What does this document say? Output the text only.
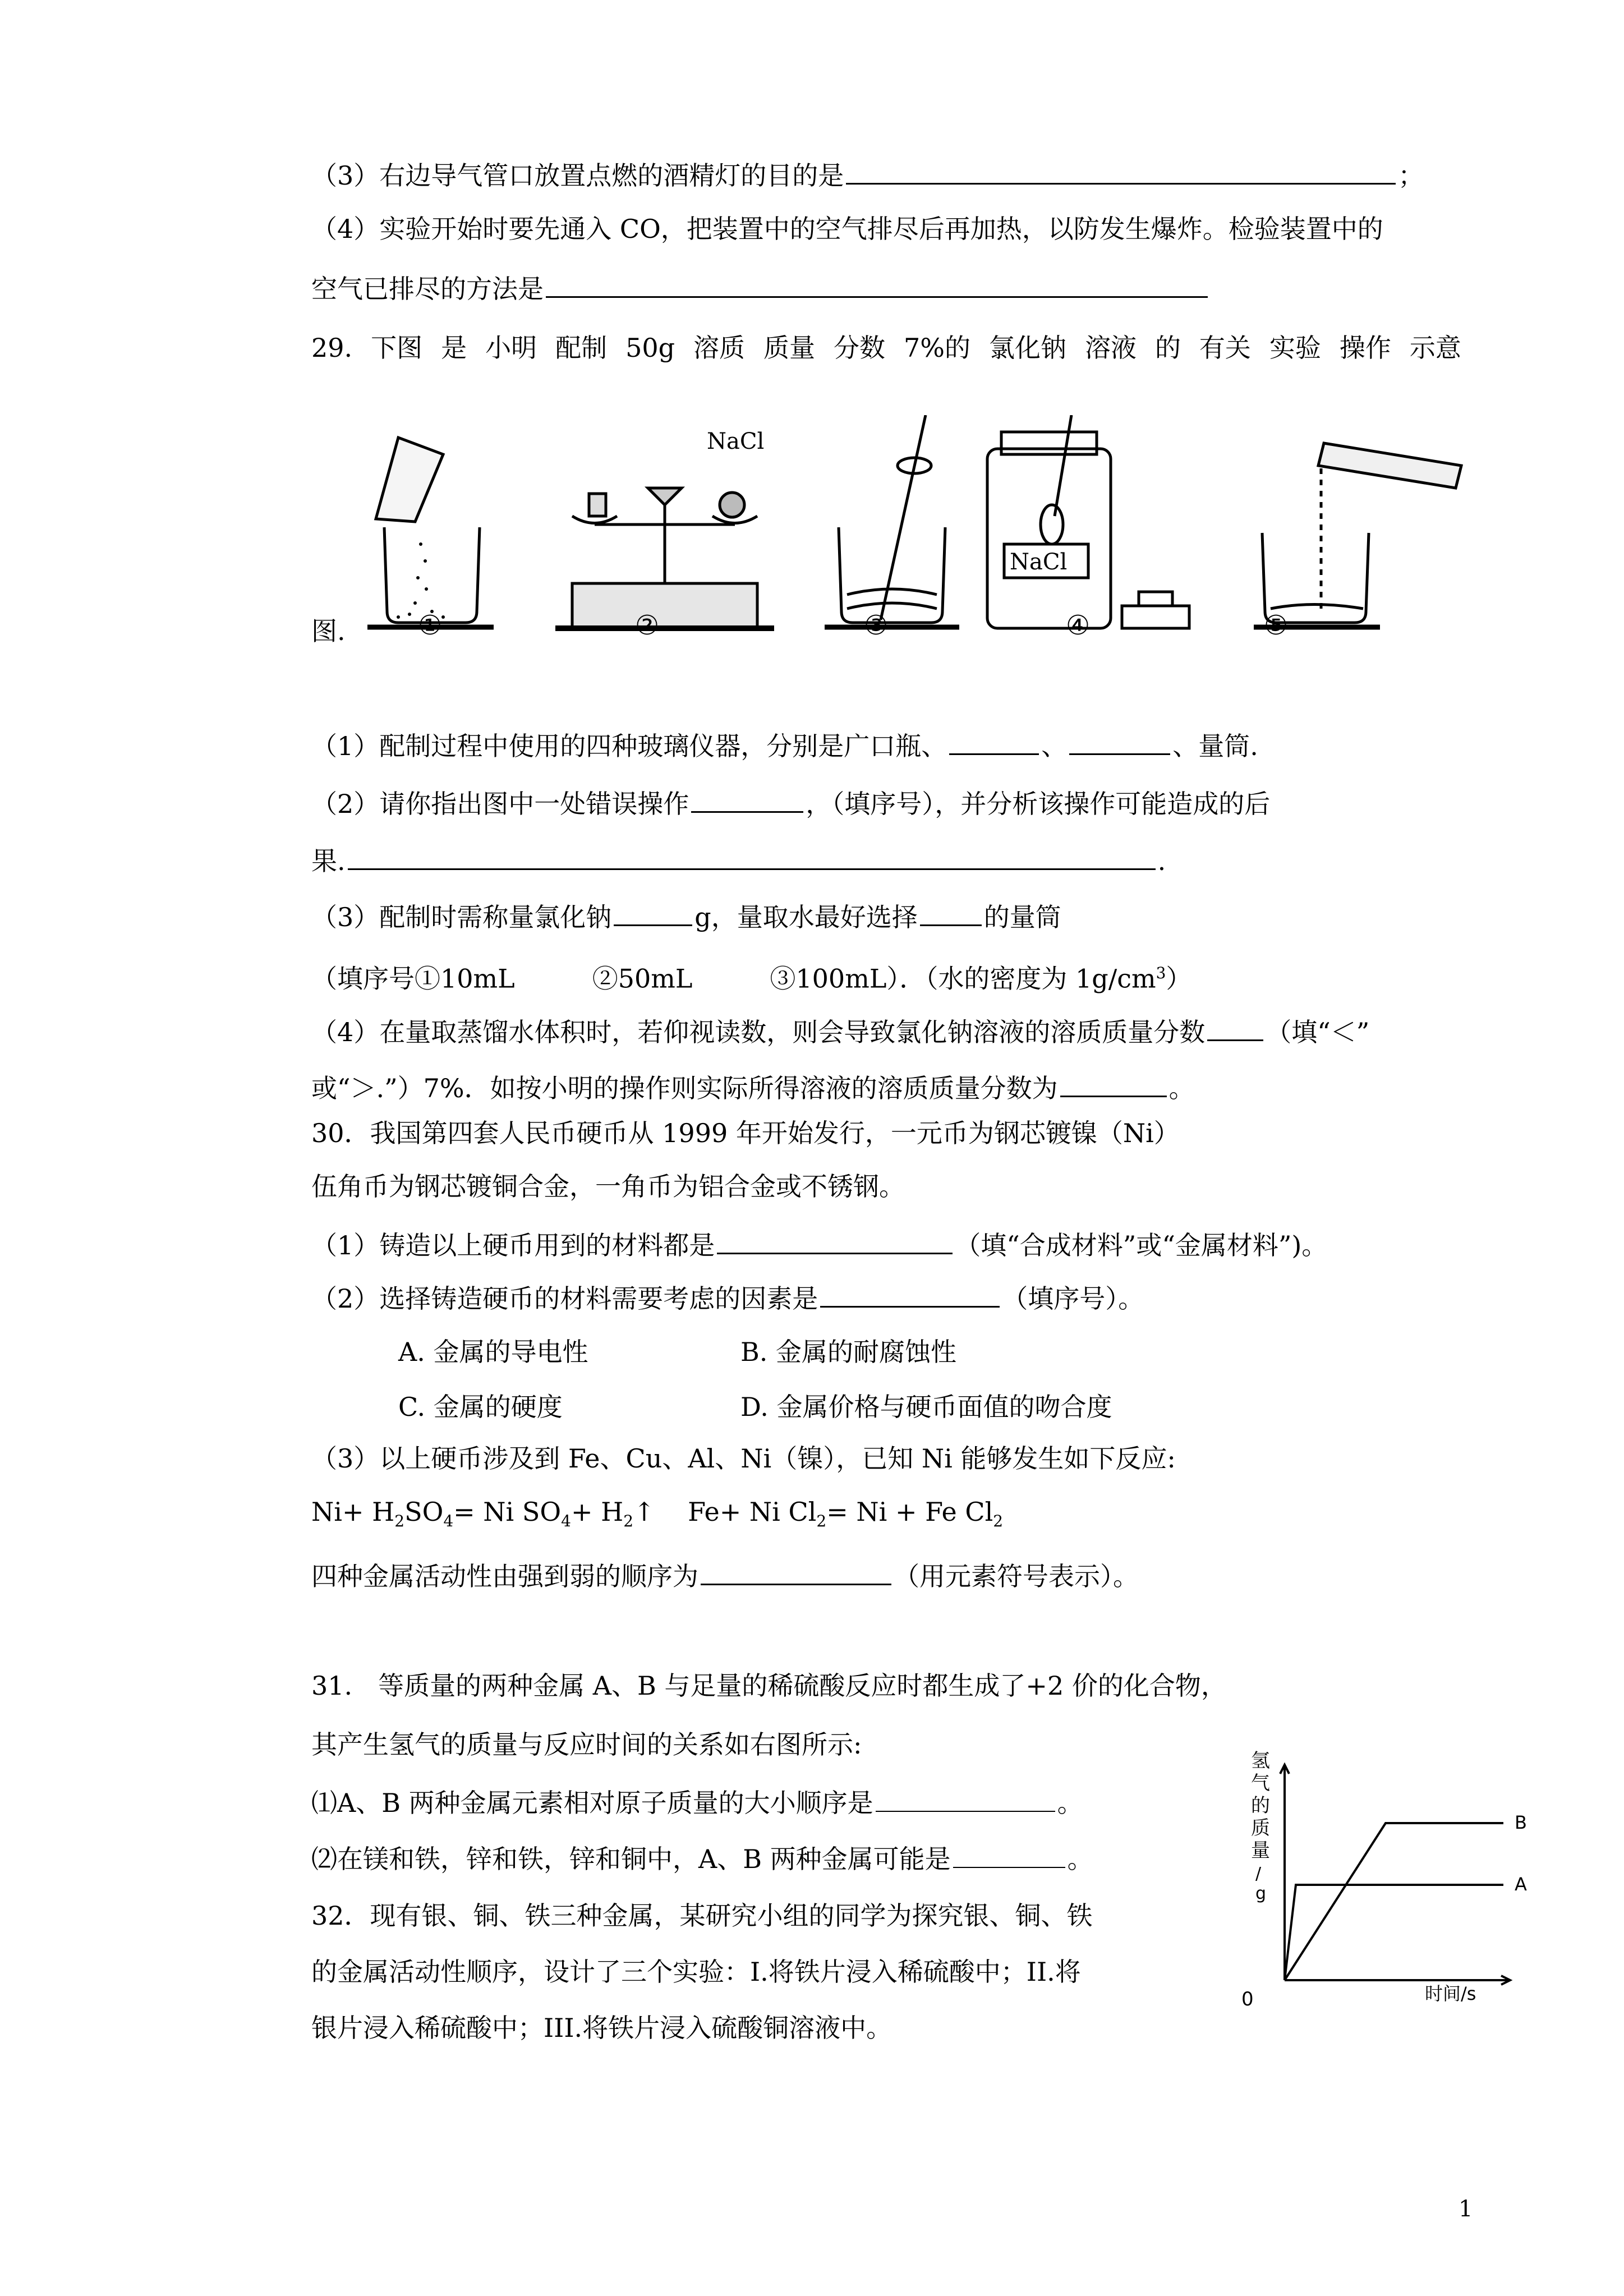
（3）右边导气管口放置点燃的酒精灯的目的是	；
（4）实验开始时要先通入 CO，把装置中的空气排尽后再加热，以防发生爆炸。检验装置中的
空气已排尽的方法是
29. 下图 是 小明 配制 50g 溶质 质量 分数 7%的 氯化钠 溶液 的 有关 实验 操作 示意
图.
NaCl
NaCl
①	②	③	④	⑤
（1）配制过程中使用的四种玻璃仪器，分别是广口瓶、	、	、量筒.
（2）请你指出图中一处错误操作	，（填序号），并分析该操作可能造成的后
果.	.
（3）配制时需称量氯化钠	g，量取水最好选择	的量筒
（填序号①10mL　　　②50mL　　　③100mL）．（水的密度为 $1g/cm^3$）
（4）在量取蒸馏水体积时，若仰视读数，则会导致氯化钠溶液的溶质质量分数 （填“＜”
或“＞.”）7%．如按小明的操作则实际所得溶液的溶质质量分数为	。
30．我国第四套人民币硬币从 1999 年开始发行，一元币为钢芯镀镍（Ni）
伍角币为钢芯镀铜合金，一角币为铝合金或不锈钢。
（1）铸造以上硬币用到的材料都是	（填“合成材料”或“金属材料”)。
（2）选择铸造硬币的材料需要考虑的因素是	（填序号）。
A. 金属的导电性	B. 金属的耐腐蚀性
C. 金属的硬度	D. 金属价格与硬币面值的吻合度
（3）以上硬币涉及到 Fe、Cu、Al、Ni（镍），已知 Ni 能够发生如下反应:
$Ni+ H_2SO_4= Ni$ $SO_4+$ $H_2↑$ Fe+ Ni $Cl_2= Ni + Fe$ $Cl_2$
四种金属活动性由强到弱的顺序为	（用元素符号表示）。
31.　等质量的两种金属 A、B 与足量的稀硫酸反应时都生成了+2 价的化合物，
其产生氢气的质量与反应时间的关系如右图所示:
⑴A、B 两种金属元素相对原子质量的大小顺序是	。
⑵在镁和铁，锌和铁，锌和铜中，A、B 两种金属可能是	。
氢
气
的
质
量
/
g
0	时间/s
B
A
32．现有银、铜、铁三种金属，某研究小组的同学为探究银、铜、铁
的金属活动性顺序，设计了三个实验：I.将铁片浸入稀硫酸中；II.将
银片浸入稀硫酸中；III.将铁片浸入硫酸铜溶液中。
1
